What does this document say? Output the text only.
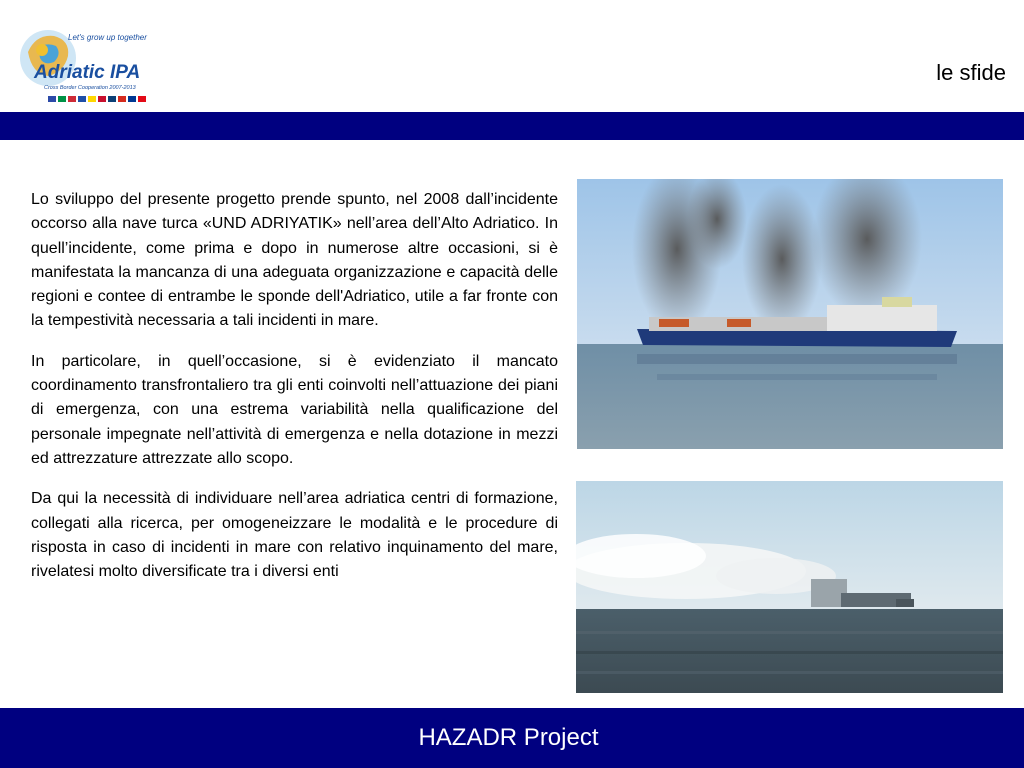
Let's grow up together
Adriatic IPA
Cross Border Cooperation 2007-2013
le sfide

Lo sviluppo del presente progetto prende spunto, nel 2008 dall’incidente occorso alla nave turca «UND ADRIYATIK» nell’area dell’Alto Adriatico. In quell’incidente, come prima e dopo in numerose altre occasioni, si è manifestata la mancanza di una adeguata organizzazione e capacità delle regioni e contee di entrambe le sponde dell'Adriatico, utile a far fronte con la tempestività necessaria a tali incidenti in mare.

In particolare, in quell’occasione, si è evidenziato il mancato coordinamento transfrontaliero tra gli enti coinvolti nell’attuazione dei piani di emergenza, con una estrema variabilità nella qualificazione del personale impegnate nell’attività di emergenza e nella dotazione in mezzi ed attrezzature attrezzate allo scopo.

Da qui la necessità di individuare nell’area adriatica centri di formazione, collegati alla ricerca, per omogeneizzare le modalità e le procedure di risposta in caso di incidenti in mare con relativo inquinamento del mare, rivelatesi molto diversificate tra i diversi enti

HAZADR Project
